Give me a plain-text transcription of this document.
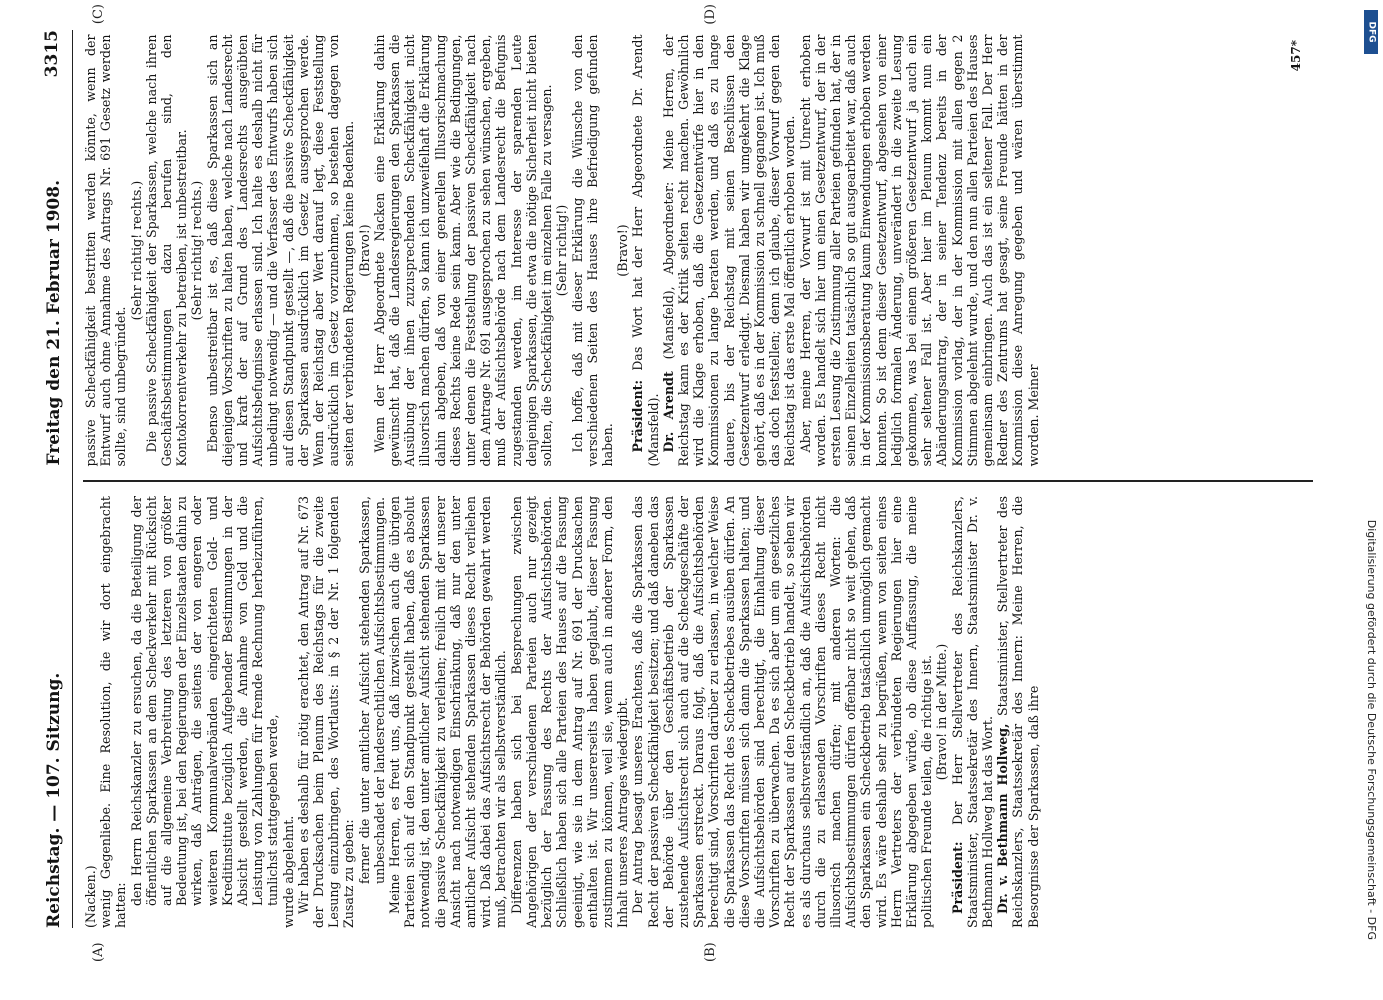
Reichstag. — 107. Sitzung.
Freitag den 21. Februar 1908.
3315
(A)	(B)
(C)	(D)

(Nacken.) wenig Gegenliebe. Eine Resolution, die wir dort eingebracht hatten: den Herrn Reichskanzler zu ersuchen, da die Beteiligung der öffentlichen Sparkassen an dem Scheckverkehr mit Rücksicht auf die allgemeine Verbreitung des letzteren von größter Bedeutung ist, bei den Regierungen der Einzelstaaten dahin zu wirken, daß Anträgen, die seitens der von engeren oder weiteren Kommunalverbänden eingerichteten Geld- und Kreditinstitute bezüglich Aufgebender Bestimmungen in der Absicht gestellt werden, die Annahme von Geld und die Leistung von Zahlungen für fremde Rechnung herbeizuführen, tunlichst stattgegeben werde, wurde abgelehnt. Wir haben es deshalb für nötig erachtet, den Antrag auf Nr. 673 der Drucksachen beim Plenum des Reichstags für die zweite Lesung einzubringen, des Wortlauts: in § 2 der Nr. 1 folgenden Zusatz zu geben: ferner die unter amtlicher Aufsicht stehenden Sparkassen, unbeschadet der landesrechtlichen Aufsichtsbestimmungen. Meine Herren, es freut uns, daß inzwischen auch die übrigen Parteien sich auf den Standpunkt gestellt haben, daß es absolut notwendig ist, den unter amtlicher Aufsicht stehenden Sparkassen die passive Scheckfähigkeit zu verleihen; freilich mit der unserer Ansicht nach notwendigen Einschränkung, daß nur den unter amtlicher Aufsicht stehenden Sparkassen dieses Recht verliehen wird. Daß dabei das Aufsichtsrecht der Behörden gewahrt werden muß, betrachten wir als selbstverständlich. Differenzen haben sich bei Besprechungen zwischen Angehörigen der verschiedenen Parteien auch nur gezeigt bezüglich der Fassung des Rechts der Aufsichtsbehörden. Schließlich haben sich alle Parteien des Hauses auf die Fassung geeinigt, wie sie in dem Antrag auf Nr. 691 der Drucksachen enthalten ist. Wir unsererseits haben geglaubt, dieser Fassung zustimmen zu können, weil sie, wenn auch in anderer Form, den Inhalt unseres Antrages wiedergibt. Der Antrag besagt unseres Erachtens, daß die Sparkassen das Recht der passiven Scheckfähigkeit besitzen; und daß daneben das der Behörde über den Geschäftsbetrieb der Sparkassen zustehende Aufsichtsrecht sich auch auf die Scheckgeschäfte der Sparkassen erstreckt. Daraus folgt, daß die Aufsichtsbehörden berechtigt sind, Vorschriften darüber zu erlassen, in welcher Weise die Sparkassen das Recht des Scheckbetriebes ausüben dürfen. An diese Vorschriften müssen sich dann die Sparkassen halten; und die Aufsichtsbehörden sind berechtigt, die Einhaltung dieser Vorschriften zu überwachen. Da es sich aber um ein gesetzliches Recht der Sparkassen auf den Scheckbetrieb handelt, so sehen wir es als durchaus selbstverständlich an, daß die Aufsichtsbehörden durch die zu erlassenden Vorschriften dieses Recht nicht illusorisch machen dürfen; mit anderen Worten: die Aufsichtsbestimmungen dürfen offenbar nicht so weit gehen, daß den Sparkassen ein Scheckbetrieb tatsächlich unmöglich gemacht wird. Es wäre deshalb sehr zu begrüßen, wenn von seiten eines Herrn Vertreters der verbündeten Regierungen hier eine Erklärung abgegeben würde, ob diese Auffassung, die meine politischen Freunde teilen, die richtige ist. (Bravo! in der Mitte.)

Präsident: Der Herr Stellvertreter des Reichskanzlers, Staatsminister, Staatssekretär des Innern, Staatsminister Dr. v. Bethmann Hollweg hat das Wort. Dr. v. Bethmann Hollweg, Staatsminister, Stellvertreter des Reichskanzlers, Staatssekretär des Innern: Meine Herren, die Besorgnisse der Sparkassen, daß ihre

passive Scheckfähigkeit bestritten werden könnte, wenn der Entwurf auch ohne Annahme des Antrags Nr. 691 Gesetz werden sollte, sind unbegründet.

(Sehr richtig! rechts.) Die passive Scheckfähigkeit der Sparkassen, welche nach ihren Geschäftsbestimmungen dazu berufen sind, den Kontokorrentverkehr zu betreiben, ist unbestreitbar. (Sehr richtig! rechts.) Ebenso unbestreitbar ist es, daß diese Sparkassen sich an diejenigen Vorschriften zu halten haben, welche nach Landesrecht und kraft der auf Grund des Landesrechts ausgeübten Aufsichtsbefugnisse erlassen sind. Ich halte es deshalb nicht für unbedingt notwendig — und die Verfasser des Entwurfs haben sich auf diesen Standpunkt gestellt —, daß die passive Scheckfähigkeit der Sparkassen ausdrücklich im Gesetz ausgesprochen werde. Wenn der Reichstag aber Wert darauf legt, diese Feststellung ausdrücklich im Gesetz vorzunehmen, so bestehen dagegen von seiten der verbündeten Regierungen keine Bedenken. (Bravo!) Wenn der Herr Abgeordnete Nacken eine Erklärung dahin gewünscht hat, daß die Landesregierungen den Sparkassen die Ausübung der ihnen zuzusprechenden Scheckfähigkeit nicht illusorisch machen dürfen, so kann ich unzweifelhaft die Erklärung dahin abgeben, daß von einer generellen Illusorischmachung dieses Rechts keine Rede sein kann. Aber wie die Bedingungen, unter denen die Feststellung der passiven Scheckfähigkeit nach dem Antrage Nr. 691 ausgesprochen zu sehen wünschen, ergeben, muß der Aufsichtsbehörde nach dem Landesrecht die Befugnis zugestanden werden, im Interesse der sparenden Leute denjenigen Sparkassen, die etwa die nötige Sicherheit nicht bieten sollten, die Scheckfähigkeit im einzelnen Falle zu versagen. (Sehr richtig!) Ich hoffe, daß mit dieser Erklärung die Wünsche von den verschiedenen Seiten des Hauses ihre Befriedigung gefunden haben.

(Bravo!)

Präsident: Das Wort hat der Herr Abgeordnete Dr. Arendt (Mansfeld). Dr. Arendt (Mansfeld), Abgeordneter: Meine Herren, der Reichstag kann es der Kritik selten recht machen. Gewöhnlich wird die Klage erhoben, daß die Gesetzentwürfe hier in den Kommissionen zu lange beraten werden, und daß es zu lange dauere, bis der Reichstag mit seinen Beschlüssen den Gesetzentwurf erledigt. Diesmal haben wir umgekehrt die Klage gehört, daß es in der Kommission zu schnell gegangen ist. Ich muß das doch feststellen; denn ich glaube, dieser Vorwurf gegen den Reichstag ist das erste Mal öffentlich erhoben worden. Aber, meine Herren, der Vorwurf ist mit Unrecht erhoben worden. Es handelt sich hier um einen Gesetzentwurf, der in der ersten Lesung die Zustimmung aller Parteien gefunden hat, der in seinen Einzelheiten tatsächlich so gut ausgearbeitet war, daß auch in der Kommissionsberatung kaum Einwendungen erhoben werden konnten. So ist denn dieser Gesetzentwurf, abgesehen von einer lediglich formalen Änderung, unverändert in die zweite Lesung gekommen, was bei einem größeren Gesetzentwurf ja auch ein sehr seltener Fall ist. Aber hier im Plenum kommt nun ein Abänderungsantrag, der in seiner Tendenz bereits in der Kommission vorlag, der in der Kommission mit allen gegen 2 Stimmen abgelehnt wurde, und den nun allen Parteien des Hauses gemeinsam einbringen. Auch das ist ein seltener Fall. Der Herr Redner des Zentrums hat gesagt, seine Freunde hätten in der Kommission diese Anregung gegeben und wären überstimmt worden. Meiner

457*
Digitalisierung gefördert durch die Deutsche Forschungsgemeinschaft - DFG
DFG
